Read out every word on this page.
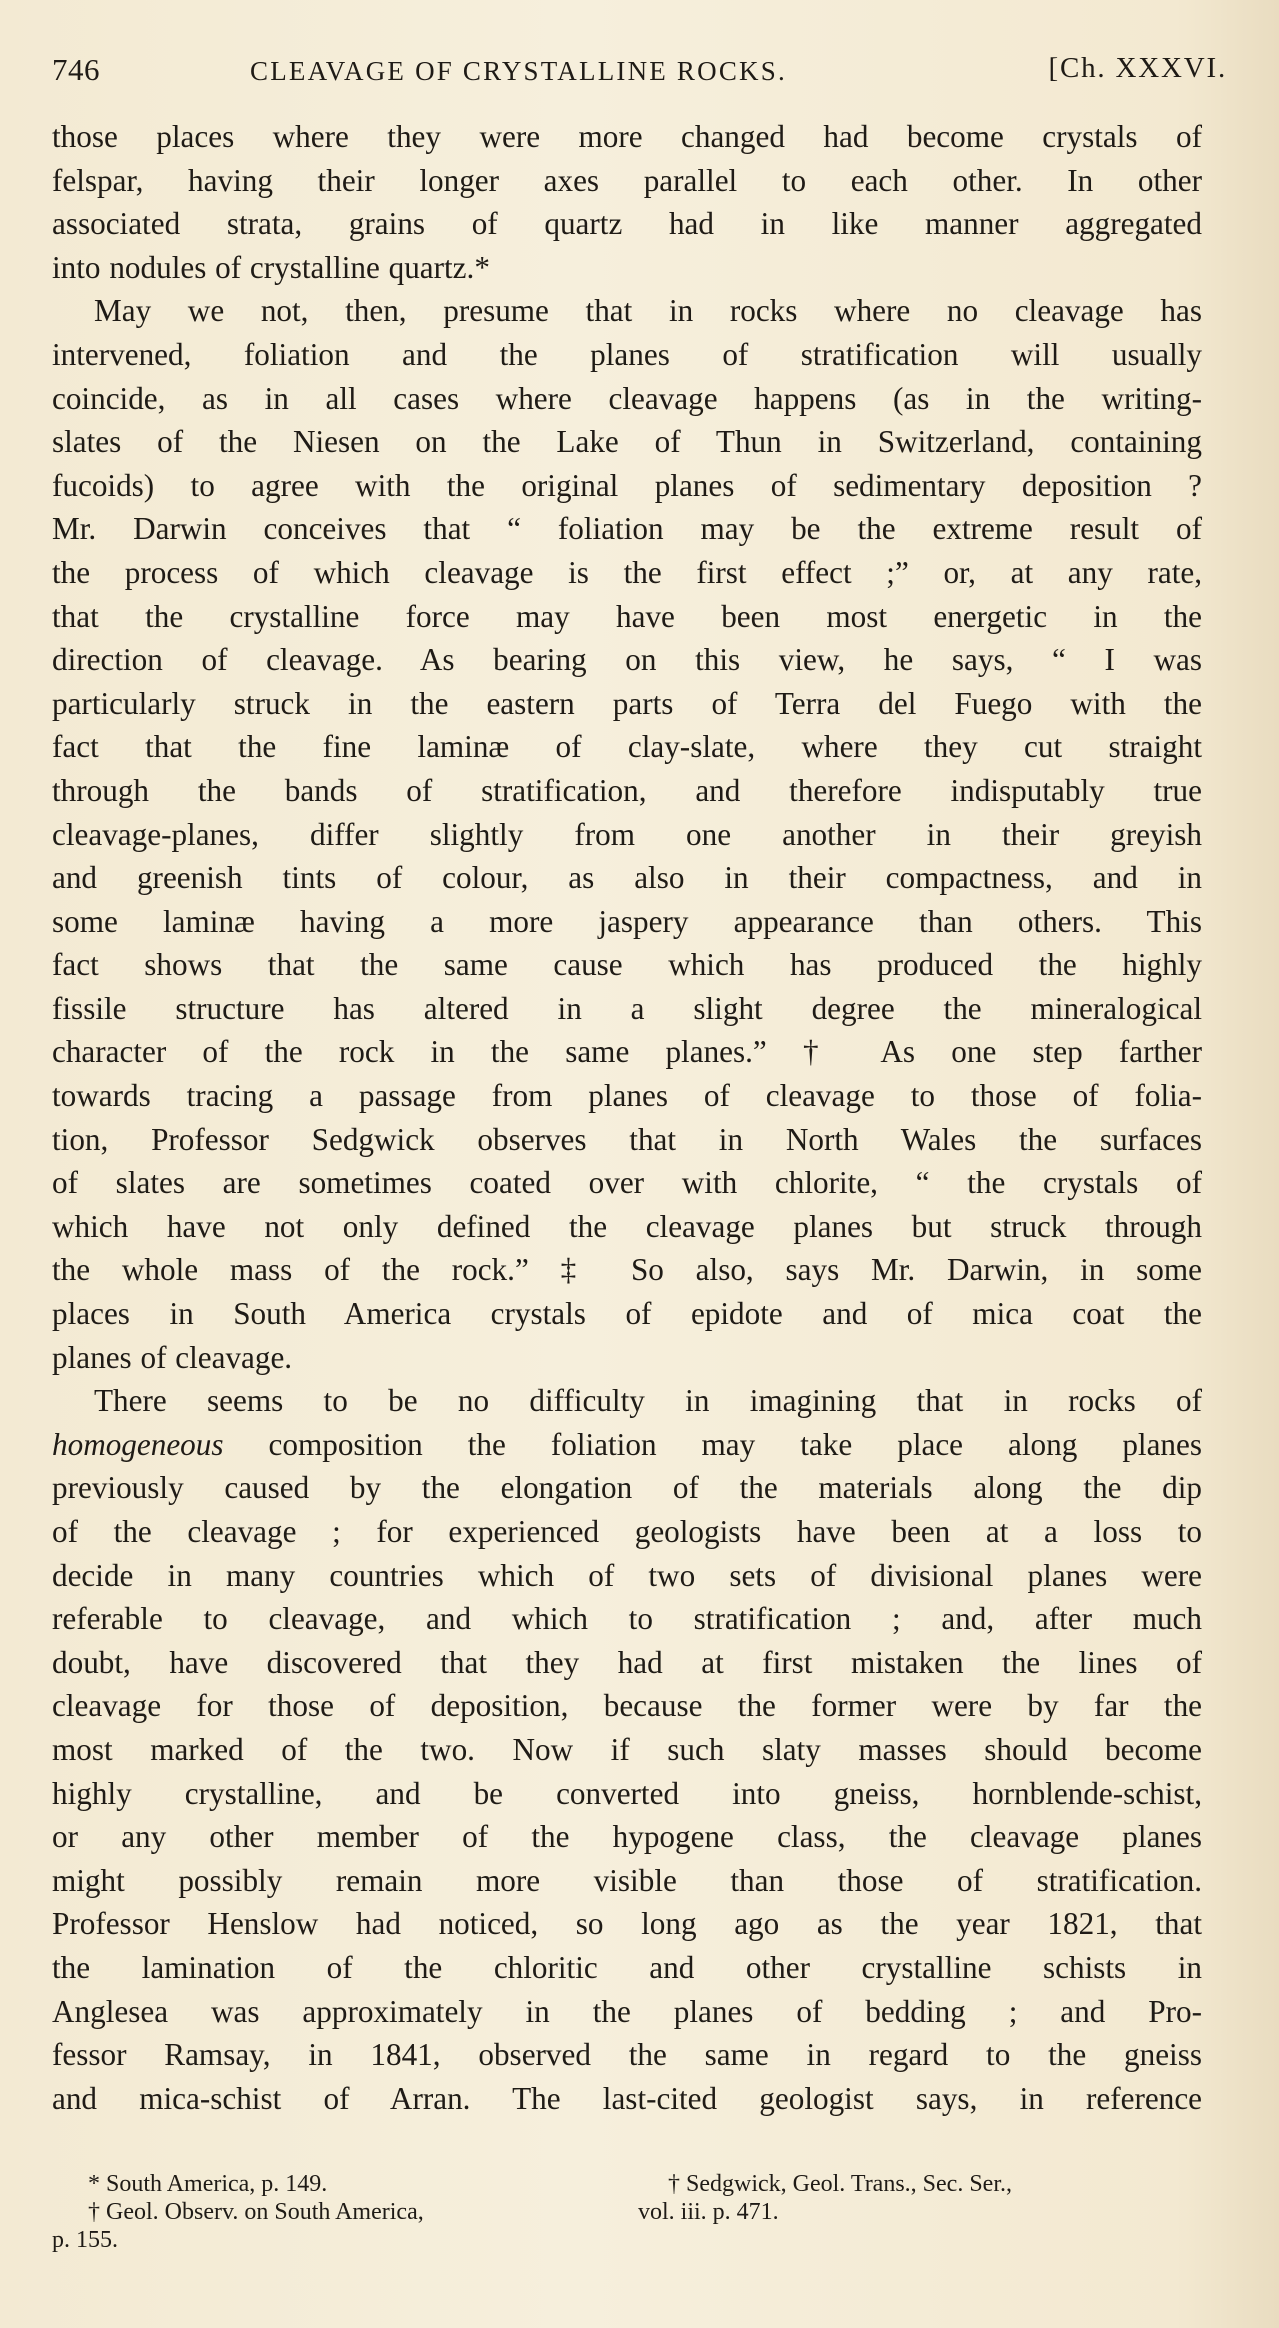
746	CLEAVAGE OF CRYSTALLINE ROCKS.	[Ch. XXXVI.

those places where they were more changed had become crystals of
felspar, having their longer axes parallel to each other. In other
associated strata, grains of quartz had in like manner aggregated
into nodules of crystalline quartz.*

May we not, then, presume that in rocks where no cleavage has
intervened, foliation and the planes of stratification will usually
coincide, as in all cases where cleavage happens (as in the writing-
slates of the Niesen on the Lake of Thun in Switzerland, containing
fucoids) to agree with the original planes of sedimentary deposition ?
Mr. Darwin conceives that “ foliation may be the extreme result of
the process of which cleavage is the first effect ;” or, at any rate,
that the crystalline force may have been most energetic in the
direction of cleavage. As bearing on this view, he says, “ I was
particularly struck in the eastern parts of Terra del Fuego with the
fact that the fine laminæ of clay-slate, where they cut straight
through the bands of stratification, and therefore indisputably true
cleavage-planes, differ slightly from one another in their greyish
and greenish tints of colour, as also in their compactness, and in
some laminæ having a more jaspery appearance than others. This
fact shows that the same cause which has produced the highly
fissile structure has altered in a slight degree the mineralogical
character of the rock in the same planes.” † As one step farther
towards tracing a passage from planes of cleavage to those of folia-
tion, Professor Sedgwick observes that in North Wales the surfaces
of slates are sometimes coated over with chlorite, “ the crystals of
which have not only defined the cleavage planes but struck through
the whole mass of the rock.” ‡ So also, says Mr. Darwin, in some
places in South America crystals of epidote and of mica coat the
planes of cleavage.

There seems to be no difficulty in imagining that in rocks of
homogeneous composition the foliation may take place along planes
previously caused by the elongation of the materials along the dip
of the cleavage ; for experienced geologists have been at a loss to
decide in many countries which of two sets of divisional planes were
referable to cleavage, and which to stratification ; and, after much
doubt, have discovered that they had at first mistaken the lines of
cleavage for those of deposition, because the former were by far the
most marked of the two. Now if such slaty masses should become
highly crystalline, and be converted into gneiss, hornblende-schist,
or any other member of the hypogene class, the cleavage planes
might possibly remain more visible than those of stratification.
Professor Henslow had noticed, so long ago as the year 1821, that
the lamination of the chloritic and other crystalline schists in
Anglesea was approximately in the planes of bedding ; and Pro-
fessor Ramsay, in 1841, observed the same in regard to the gneiss
and mica-schist of Arran. The last-cited geologist says, in reference

* South America, p. 149.	† Sedgwick, Geol. Trans., Sec. Ser.,
† Geol. Observ. on South America,	vol. iii. p. 471.
p. 155.
